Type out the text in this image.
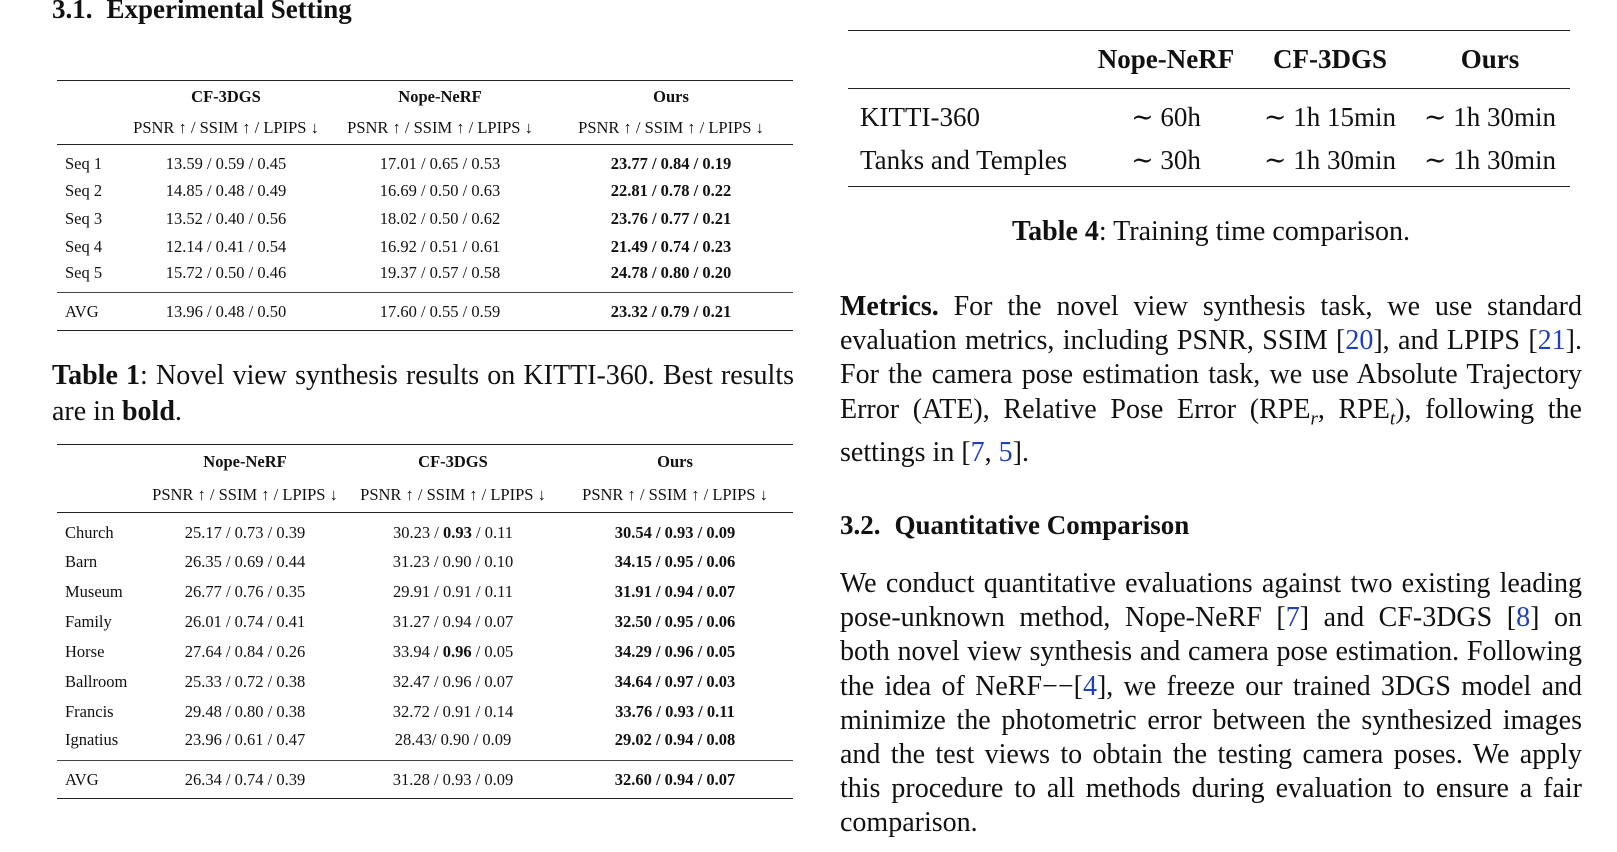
3.1. Experimental Setting
	CF-3DGS	Nope-NeRF	Ours
	PSNR ↑ / SSIM ↑ / LPIPS ↓	PSNR ↑ / SSIM ↑ / LPIPS ↓	PSNR ↑ / SSIM ↑ / LPIPS ↓
Seq 1	13.59 / 0.59 / 0.45	17.01 / 0.65 / 0.53	23.77 / 0.84 / 0.19
Seq 2	14.85 / 0.48 / 0.49	16.69 / 0.50 / 0.63	22.81 / 0.78 / 0.22
Seq 3	13.52 / 0.40 / 0.56	18.02 / 0.50 / 0.62	23.76 / 0.77 / 0.21
Seq 4	12.14 / 0.41 / 0.54	16.92 / 0.51 / 0.61	21.49 / 0.74 / 0.23
Seq 5	15.72 / 0.50 / 0.46	19.37 / 0.57 / 0.58	24.78 / 0.80 / 0.20
AVG	13.96 / 0.48 / 0.50	17.60 / 0.55 / 0.59	23.32 / 0.79 / 0.21
Table 1: Novel view synthesis results on KITTI-360. Best results are in bold.
	Nope-NeRF	CF-3DGS	Ours
	PSNR ↑ / SSIM ↑ / LPIPS ↓	PSNR ↑ / SSIM ↑ / LPIPS ↓	PSNR ↑ / SSIM ↑ / LPIPS ↓
Church	25.17 / 0.73 / 0.39	30.23 / 0.93 / 0.11	30.54 / 0.93 / 0.09
Barn	26.35 / 0.69 / 0.44	31.23 / 0.90 / 0.10	34.15 / 0.95 / 0.06
Museum	26.77 / 0.76 / 0.35	29.91 / 0.91 / 0.11	31.91 / 0.94 / 0.07
Family	26.01 / 0.74 / 0.41	31.27 / 0.94 / 0.07	32.50 / 0.95 / 0.06
Horse	27.64 / 0.84 / 0.26	33.94 / 0.96 / 0.05	34.29 / 0.96 / 0.05
Ballroom	25.33 / 0.72 / 0.38	32.47 / 0.96 / 0.07	34.64 / 0.97 / 0.03
Francis	29.48 / 0.80 / 0.38	32.72 / 0.91 / 0.14	33.76 / 0.93 / 0.11
Ignatius	23.96 / 0.61 / 0.47	28.43/ 0.90 / 0.09	29.02 / 0.94 / 0.08
AVG	26.34 / 0.74 / 0.39	31.28 / 0.93 / 0.09	32.60 / 0.94 / 0.07
	Nope-NeRF	CF-3DGS	Ours
KITTI-360	∼ 60h	∼ 1h 15min	∼ 1h 30min
Tanks and Temples	∼ 30h	∼ 1h 30min	∼ 1h 30min
Table 4: Training time comparison.
Metrics. For the novel view synthesis task, we use standard evaluation metrics, including PSNR, SSIM [20], and LPIPS [21]. For the camera pose estimation task, we use Absolute Trajectory Error (ATE), Relative Pose Error ($RPE_r$, $RPE_t$), following the settings in [7, 5].
3.2. Quantitative Comparison
We conduct quantitative evaluations against two existing leading pose-unknown method, Nope-NeRF [7] and CF-3DGS [8] on both novel view synthesis and camera pose estimation. Following the idea of NeRF−−[4], we freeze our trained 3DGS model and minimize the photometric error between the synthesized images and the test views to obtain the testing camera poses. We apply this procedure to all methods during evaluation to ensure a fair comparison.
